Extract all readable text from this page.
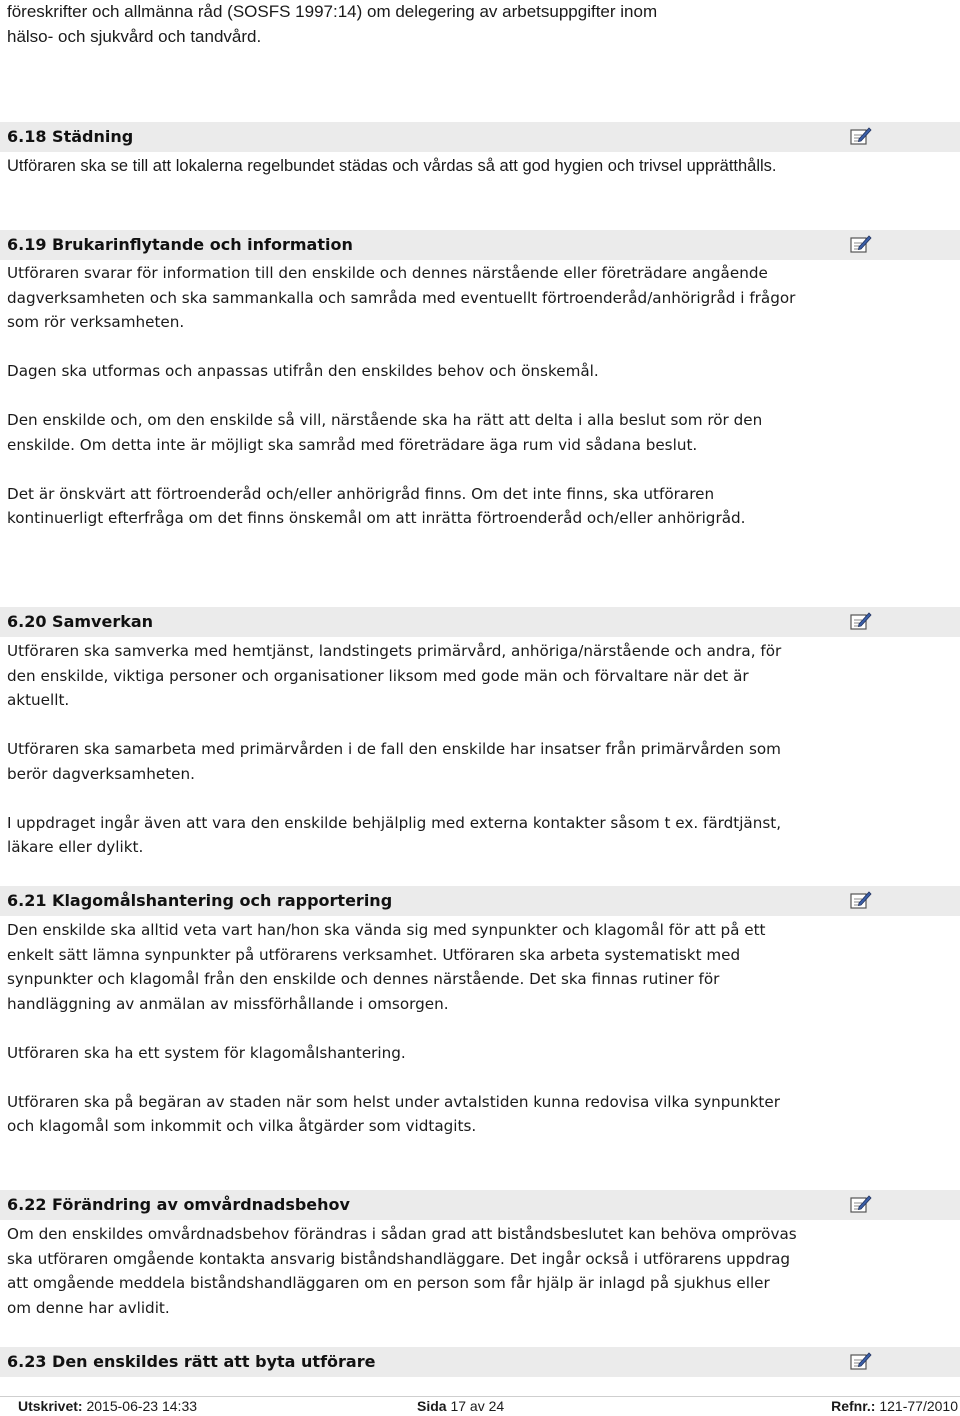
föreskrifter och allmänna råd (SOSFS 1997:14) om delegering av arbetsuppgifter inom

hälso- och sjukvård och tandvård.

6.18 Städning

Utföraren ska se till att lokalerna regelbundet städas och vårdas så att god hygien och trivsel upprätthålls.

6.19 Brukarinflytande och information

Utföraren svarar för information till den enskilde och dennes närstående eller företrädare angående dagverksamheten och ska sammankalla och samråda med eventuellt förtroenderåd/anhörigråd i frågor som rör verksamheten.

Dagen ska utformas och anpassas utifrån den enskildes behov och önskemål.

Den enskilde och, om den enskilde så vill, närstående ska ha rätt att delta i alla beslut som rör den enskilde. Om detta inte är möjligt ska samråd med företrädare äga rum vid sådana beslut.

Det är önskvärt att förtroenderåd och/eller anhörigråd finns. Om det inte finns, ska utföraren kontinuerligt efterfråga om det finns önskemål om att inrätta förtroenderåd och/eller anhörigråd.

6.20 Samverkan

Utföraren ska samverka med hemtjänst, landstingets primärvård, anhöriga/närstående och andra, för den enskilde, viktiga personer och organisationer liksom med gode män och förvaltare när det är aktuellt.

Utföraren ska samarbeta med primärvården i de fall den enskilde har insatser från primärvården som berör dagverksamheten.

I uppdraget ingår även att vara den enskilde behjälplig med externa kontakter såsom t ex. färdtjänst, läkare eller dylikt.

6.21 Klagomålshantering och rapportering

Den enskilde ska alltid veta vart han/hon ska vända sig med synpunkter och klagomål för att på ett enkelt sätt lämna synpunkter på utförarens verksamhet. Utföraren ska arbeta systematiskt med synpunkter och klagomål från den enskilde och dennes närstående. Det ska finnas rutiner för handläggning av anmälan av missförhållande i omsorgen.

Utföraren ska ha ett system för klagomålshantering.

Utföraren ska på begäran av staden när som helst under avtalstiden kunna redovisa vilka synpunkter och klagomål som inkommit och vilka åtgärder som vidtagits.

6.22 Förändring av omvårdnadsbehov

Om den enskildes omvårdnadsbehov förändras i sådan grad att biståndsbeslutet kan behöva omprövas ska utföraren omgående kontakta ansvarig biståndshandläggare. Det ingår också i utförarens uppdrag att omgående meddela biståndshandläggaren om en person som får hjälp är inlagd på sjukhus eller om denne har avlidit.

6.23 Den enskildes rätt att byta utförare
Utskrivet: 2015-06-23 14:33	Sida 17 av 24	Refnr.: 121-77/2010
